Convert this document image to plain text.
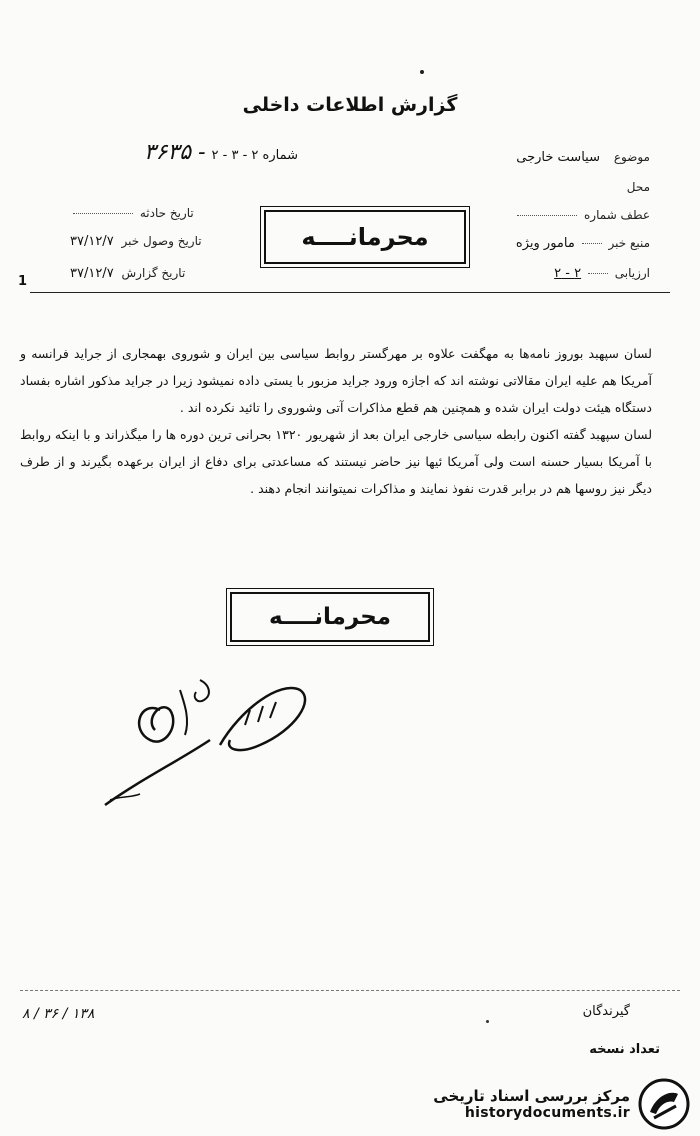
گزارش اطلاعات داخلی
شماره ۲ - ۳ - ۲
۳۶۳۵ -	موضوع سیاست خارجی
محل
عطف شماره
منبع خبر  مامور ویژه
ارزیابی  ۲ - ۲
تاریخ حادثه
تاریخ وصول خبر ۳۷/۱۲/۷
تاریخ گزارش ۳۷/۱۲/۷
1
محرمانــــه

لسان سپهبد بوروز نامه‌ها به مهگفت علاوه بر مهرگستر روابط سیاسی بین ایران و شوروی بهمجاری از جراید فرانسه و آمریکا هم علیه ایران مقالاتی نوشته اند که اجازه ورود جراید مزبور با یستی داده نمیشود زیرا در جراید مذکور اشاره بفساد دستگاه هیئت دولت ایران شده و همچنین هم قطع مذاکرات آتی وشوروی را تائید نکرده اند .

لسان سپهبد گفته اکنون رابطه سیاسی خارجی ایران بعد از شهریور ۱۳۲۰ بحرانی ترین دوره ها را میگذراند و با اینکه روابط با آمریکا بسیار حسنه است ولی آمریکا ئیها نیز حاضر نیستند که مساعدتی برای دفاع از ایران برعهده بگیرند و از طرف دیگر نیز روسها هم در برابر قدرت نفوذ نمایند و مذاکرات نمیتوانند انجام دهند .

محرمانــــه
۱۳۸ / ۳۶ / ۸	گیرندگان
تعداد نسخه
مرکز بررسی اسناد تاریخی
historydocuments.ir
